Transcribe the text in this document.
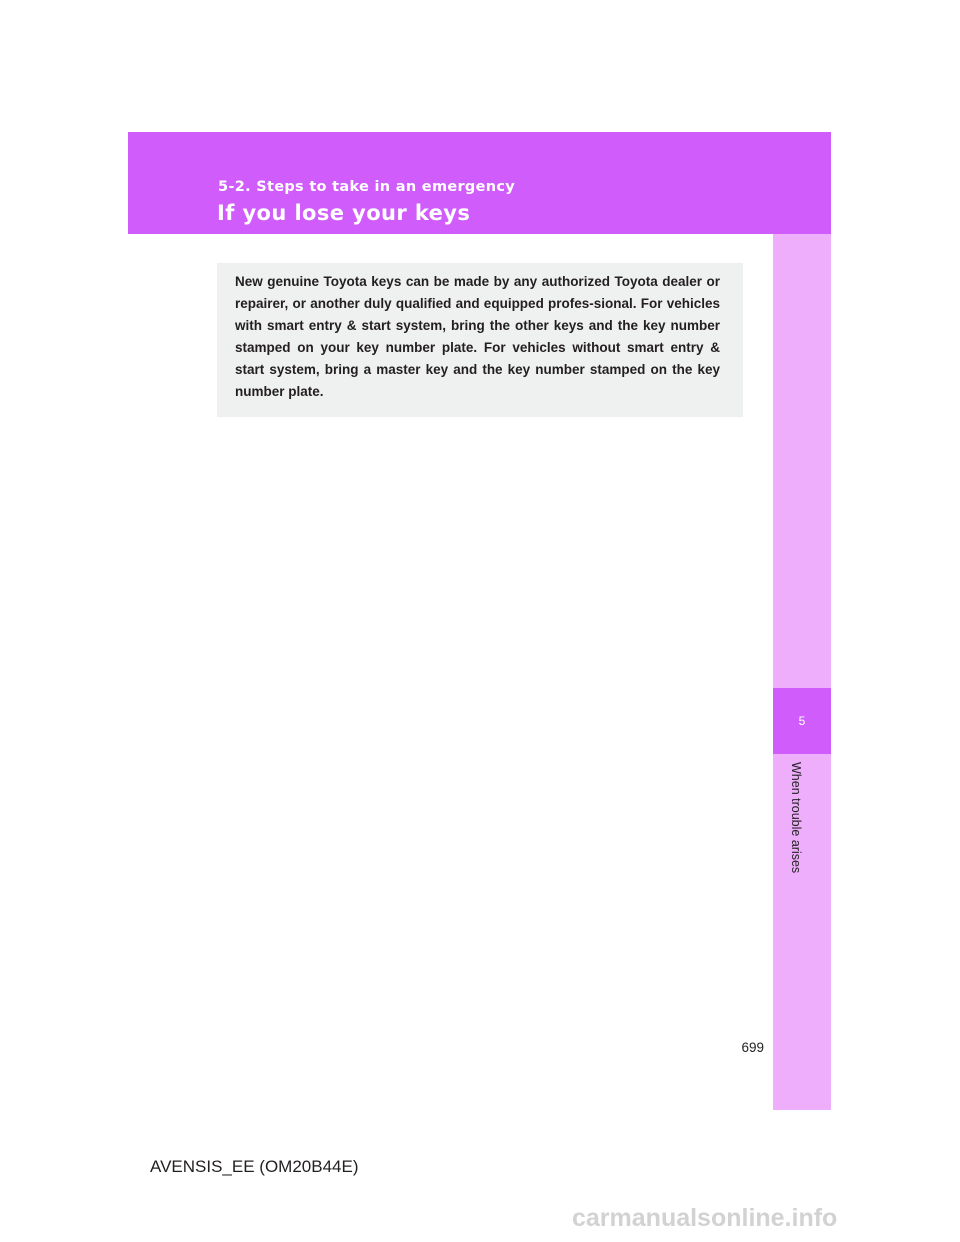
5-2. Steps to take in an emergency
If you lose your keys
5
When trouble arises

New genuine Toyota keys can be made by any authorized Toyota dealer or repairer, or another duly qualified and equipped profes-sional. For vehicles with smart entry & start system, bring the other keys and the key number stamped on your key number plate. For vehicles without smart entry & start system, bring a master key and the key number stamped on the key number plate.

699
AVENSIS_EE (OM20B44E)
carmanualsonline.info
